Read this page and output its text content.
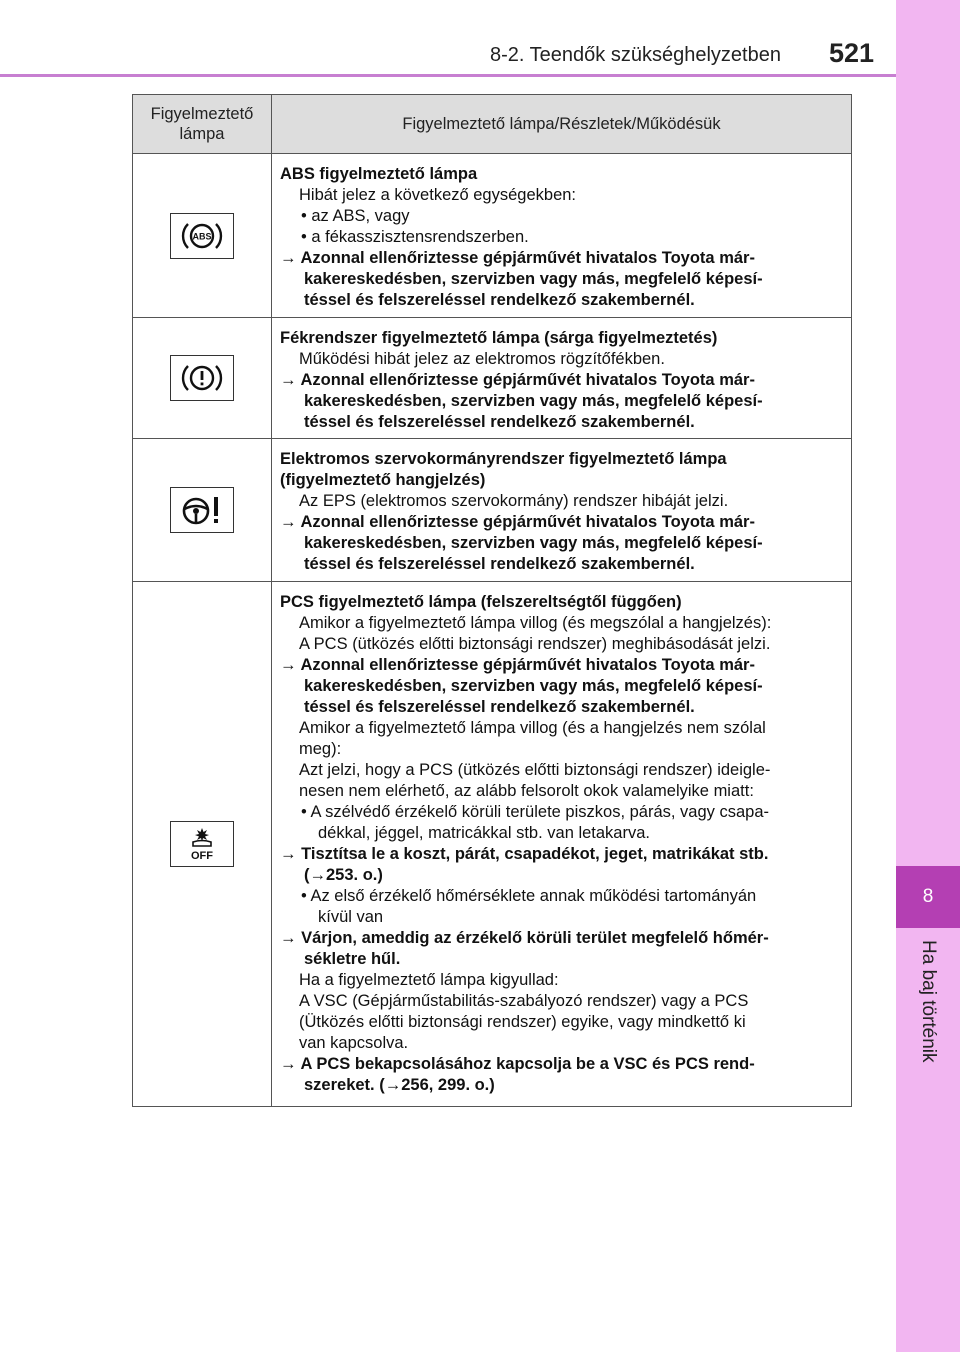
8-2. Teendők szükséghelyzetben 521
8
Ha baj történik
Figyelmeztető lámpa
Figyelmeztető lámpa/Részletek/Működésük
ABS
ABS figyelmeztető lámpa
Hibát jelez a következő egységekben:
• az ABS, vagy
• a fékasszisztensrendszerben.
→ Azonnal ellenőriztesse gépjárművét hivatalos Toyota már-
kakereskedésben, szervizben vagy más, megfelelő képesí-
téssel és felszereléssel rendelkező szakembernél.
Fékrendszer figyelmeztető lámpa (sárga figyelmeztetés)
Működési hibát jelez az elektromos rögzítőfékben.
→ Azonnal ellenőriztesse gépjárművét hivatalos Toyota már-
kakereskedésben, szervizben vagy más, megfelelő képesí-
téssel és felszereléssel rendelkező szakembernél.
Elektromos szervokormányrendszer figyelmeztető lámpa
(figyelmeztető hangjelzés)
Az EPS (elektromos szervokormány) rendszer hibáját jelzi.
→ Azonnal ellenőriztesse gépjárművét hivatalos Toyota már-
kakereskedésben, szervizben vagy más, megfelelő képesí-
téssel és felszereléssel rendelkező szakembernél.
OFF
PCS figyelmeztető lámpa (felszereltségtől függően)
Amikor a figyelmeztető lámpa villog (és megszólal a hangjelzés):
A PCS (ütközés előtti biztonsági rendszer) meghibásodását jelzi.
→ Azonnal ellenőriztesse gépjárművét hivatalos Toyota már-
kakereskedésben, szervizben vagy más, megfelelő képesí-
téssel és felszereléssel rendelkező szakembernél.
Amikor a figyelmeztető lámpa villog (és a hangjelzés nem szólal
meg):
Azt jelzi, hogy a PCS (ütközés előtti biztonsági rendszer) ideigle-
nesen nem elérhető, az alább felsorolt okok valamelyike miatt:
• A szélvédő érzékelő körüli területe piszkos, párás, vagy csapa-
dékkal, jéggel, matricákkal stb. van letakarva.
→ Tisztítsa le a koszt, párát, csapadékot, jeget, matrikákat stb.
(→253. o.)
• Az első érzékelő hőmérséklete annak működési tartományán
kívül van
→ Várjon, ameddig az érzékelő körüli terület megfelelő hőmér-
sékletre hűl.
Ha a figyelmeztető lámpa kigyullad:
A VSC (Gépjárműstabilitás-szabályozó rendszer) vagy a PCS
(Ütközés előtti biztonsági rendszer) egyike, vagy mindkettő ki
van kapcsolva.
→ A PCS bekapcsolásához kapcsolja be a VSC és PCS rend-
szereket. (→256, 299. o.)
